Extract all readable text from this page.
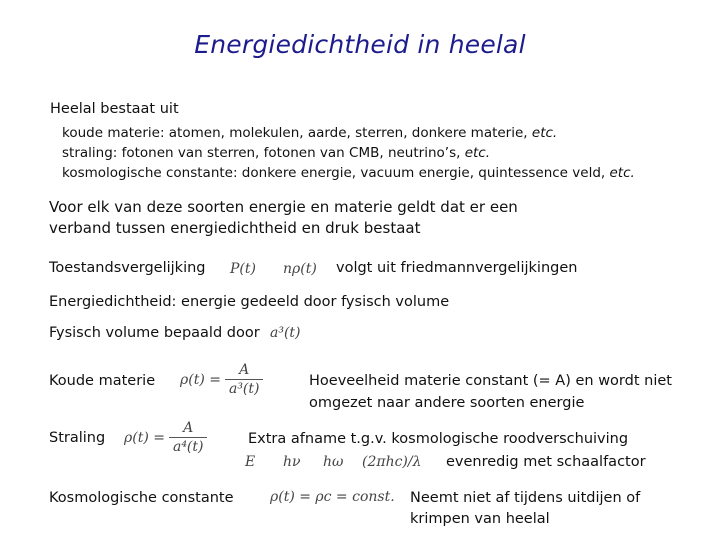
Energiedichtheid in heelal
Heelal bestaat uit
koude materie: atomen, molekulen, aarde, sterren, donkere materie, etc.
straling: fotonen van sterren, fotonen van CMB, neutrino’s, etc.
kosmologische constante: donkere energie, vacuum energie, quintessence veld, etc.
Voor elk van deze soorten energie en materie geldt dat er een
verband tussen energiedichtheid en druk bestaat
Toestandsvergelijking P(t) nρ(t) volgt uit friedmannvergelijkingen
Energiedichtheid: energie gedeeld door fysisch volume
Fysisch volume bepaald door a³(t)
Koude materie $\rho(t) = \frac{A}{\text{a³(t)}}$	Hoeveelheid materie constant (= A) en wordt niet
omgezet naar andere soorten energie
Straling $\rho(t) = \frac{A}{\text{a⁴(t)}}$	Extra afname t.g.v. kosmologische roodverschuiving
E hν hω (2πhc)/λ evenredig met schaalfactor
Kosmologische constante	ρ(t) = ρc = const. Neemt niet af tijdens uitdijen of
krimpen van heelal
